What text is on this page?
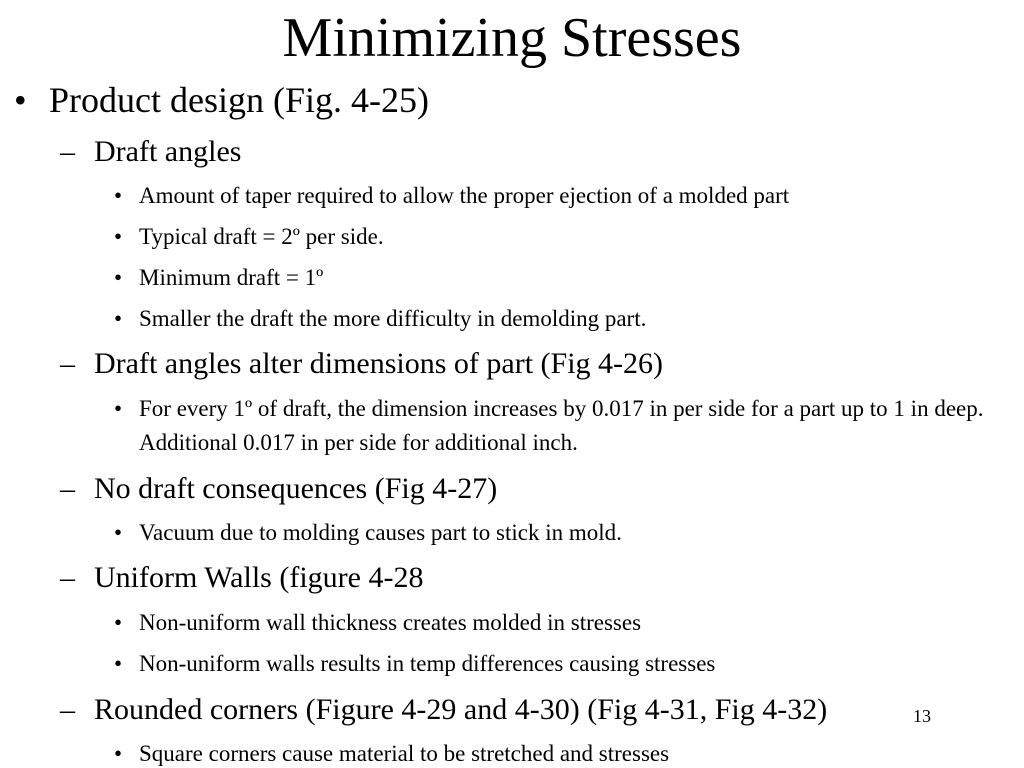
Minimizing Stresses
• Product design (Fig. 4-25)
– Draft angles
• Amount of taper required to allow the proper ejection of a molded part
• Typical draft = 2º per side.
• Minimum draft = 1º
• Smaller the draft the more difficulty in demolding part.
– Draft angles alter dimensions of part (Fig 4-26)
• For every 1º of draft, the dimension increases by 0.017 in per side for a part up to 1 in deep. Additional 0.017 in per side for additional inch.
– No draft consequences (Fig 4-27)
• Vacuum due to molding causes part to stick in mold.
– Uniform Walls (figure 4-28
• Non-uniform wall thickness creates molded in stresses
• Non-uniform walls results in temp differences causing stresses
– Rounded corners (Figure 4-29 and 4-30) (Fig 4-31, Fig 4-32)
• Square corners cause material to be stretched and stresses
13
